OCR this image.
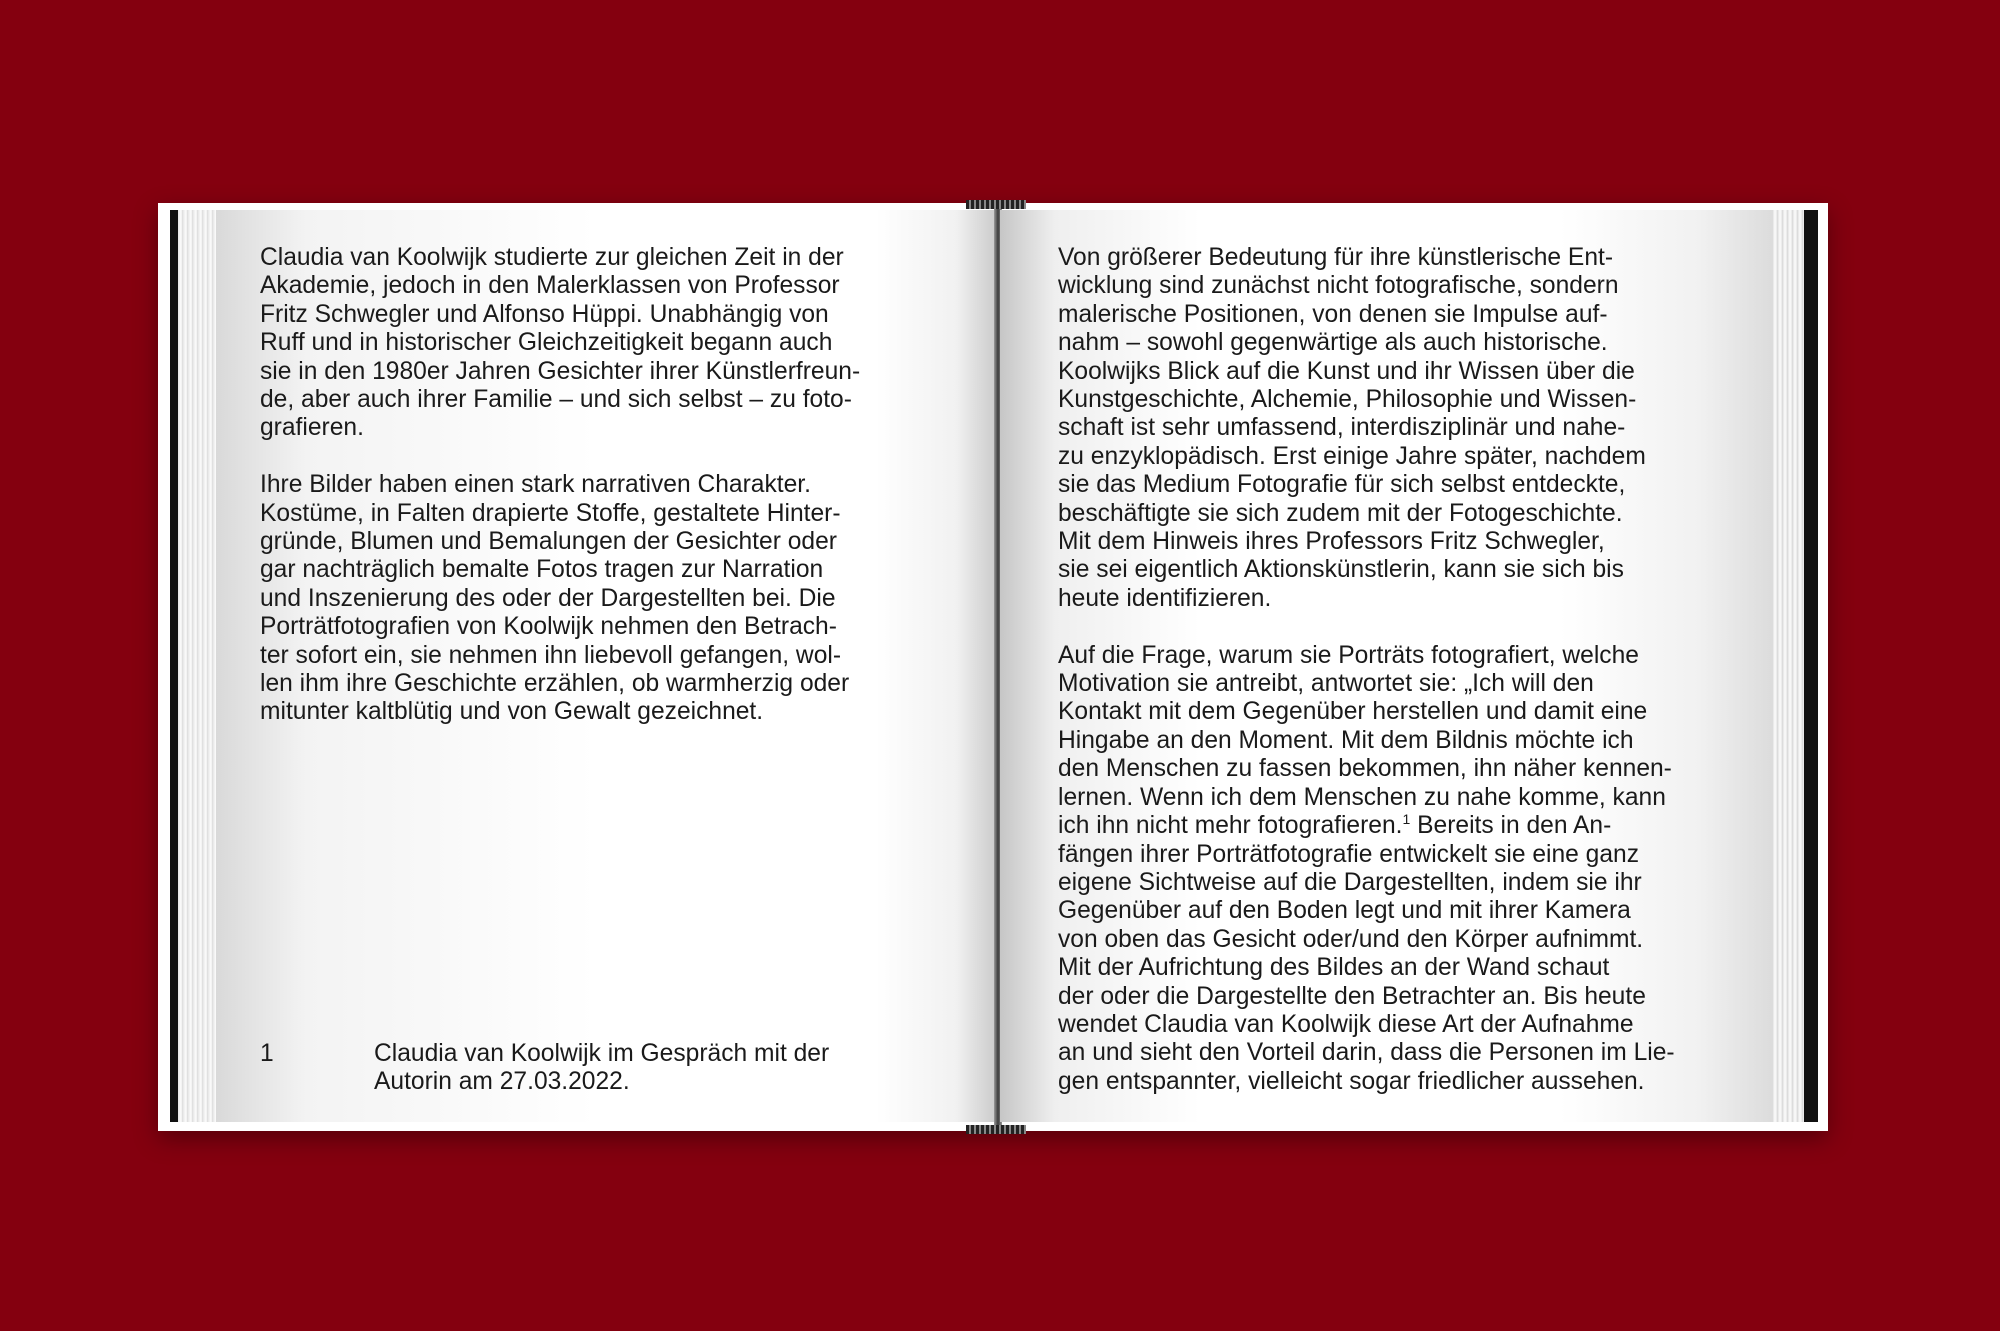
Claudia van Koolwijk studierte zur gleichen Zeit in der
Akademie, jedoch in den Malerklassen von Professor
Fritz Schwegler und Alfonso Hüppi. Unabhängig von
Ruff und in historischer Gleichzeitigkeit begann auch
sie in den 1980er Jahren Gesichter ihrer Künstlerfreun-
de, aber auch ihrer Familie – und sich selbst – zu foto-
grafieren.
Ihre Bilder haben einen stark narrativen Charakter.
Kostüme, in Falten drapierte Stoffe, gestaltete Hinter-
gründe, Blumen und Bemalungen der Gesichter oder
gar nachträglich bemalte Fotos tragen zur Narration
und Inszenierung des oder der Dargestellten bei. Die
Porträtfotografien von Koolwijk nehmen den Betrach-
ter sofort ein, sie nehmen ihn liebevoll gefangen, wol-
len ihm ihre Geschichte erzählen, ob warmherzig oder
mitunter kaltblütig und von Gewalt gezeichnet.
1	Claudia van Koolwijk im Gespräch mit der
Autorin am 27.03.2022.
Von größerer Bedeutung für ihre künstlerische Ent-
wicklung sind zunächst nicht fotografische, sondern
malerische Positionen, von denen sie Impulse auf-
nahm – sowohl gegenwärtige als auch historische.
Koolwijks Blick auf die Kunst und ihr Wissen über die
Kunstgeschichte, Alchemie, Philosophie und Wissen-
schaft ist sehr umfassend, interdisziplinär und nahe-
zu enzyklopädisch. Erst einige Jahre später, nachdem
sie das Medium Fotografie für sich selbst entdeckte,
beschäftigte sie sich zudem mit der Fotogeschichte.
Mit dem Hinweis ihres Professors Fritz Schwegler,
sie sei eigentlich Aktionskünstlerin, kann sie sich bis
heute identifizieren.
Auf die Frage, warum sie Porträts fotografiert, welche
Motivation sie antreibt, antwortet sie: „Ich will den
Kontakt mit dem Gegenüber herstellen und damit eine
Hingabe an den Moment. Mit dem Bildnis möchte ich
den Menschen zu fassen bekommen, ihn näher kennen-
lernen. Wenn ich dem Menschen zu nahe komme, kann
ich ihn nicht mehr fotografieren.$^1$ Bereits in den An-
fängen ihrer Porträtfotografie entwickelt sie eine ganz
eigene Sichtweise auf die Dargestellten, indem sie ihr
Gegenüber auf den Boden legt und mit ihrer Kamera
von oben das Gesicht oder/und den Körper aufnimmt.
Mit der Aufrichtung des Bildes an der Wand schaut
der oder die Dargestellte den Betrachter an. Bis heute
wendet Claudia van Koolwijk diese Art der Aufnahme
an und sieht den Vorteil darin, dass die Personen im Lie-
gen entspannter, vielleicht sogar friedlicher aussehen.
